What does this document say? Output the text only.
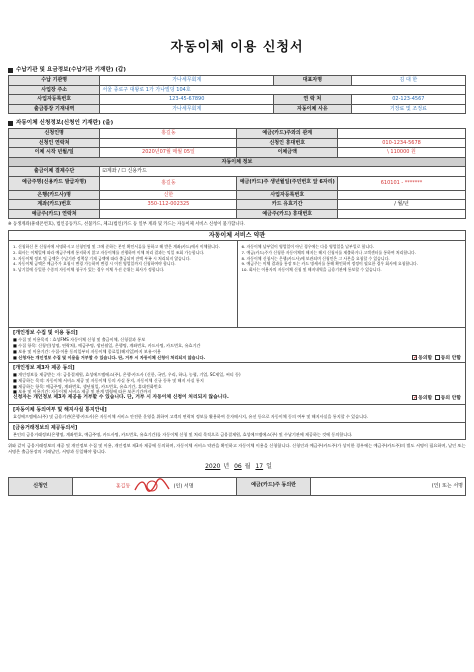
자동이체 이용 신청서
수납기관 및 요금정보(수납기관 기재란) (갑)
수납 기관명	가나세무회계	대표자명	김 대 한
사업장 주소	서울 종로구 대왕로 1가 가나빌딩 104호		
사업자등록번호	123-45-67890	연 락 처	02-123-4567
출금통장 기재내역	가나세무회계	자동이체 사유	기장료 및 조정료
자동이체 신청정보(신청인 기재란) (을)
신청인명	홍길동	예금(카드)주와의 관계	
신청인 연락처		신청인 휴대번호	010-1234-5678
이체 시작 년월/일	2020년07월 매월 05일	이체금액	\ 110000 원
자동이체 정보			
출금이체 결제수단	☑계좌 / ☐ 신용카드		
예금주명(신용카드 발급자명)	홍길동	예금(카드)주 생년월일(주민번호 앞 6자리)	610101 - *******
은행(카드사)명	신한	사업자등록번호	
계좌(카드)번호	350-112-002325	카드 유효기간	/ 월/년
예금주(카드) 연락처		예금주(카드) 휴대번호	
※ 동생계좌(휴대폰번호), 법인공동카드, 선불카드, 체크(법인)카드 등 일부 계좌 및 카드는 자동이체 서비스 신청이 불가합니다.
자동이체 서비스 약관
1. 신청하신 본 신청서에 서명하시고 신청인명 및 그에 준하는 본인 확인서류를 통하고 해 받은 계좌(카드)에서 이체합니다.
2. 회사는 이체일에 따라 예금주에게 통지하지 않고 자동이체를 진행하며 이체 처리 결과는 익일 조회 가능합니다.
3. 자동이체 정보 및 금액은 수납기관 정책상 기재 금액에 따라 출금되며 잔액 부족 시 처리되지 않습니다.
4. 자동이체 금액은 예금주가 요청시 변경 가능하며 변경 시 이전 영업일까지 신청하여야 합니다.
5. 납기일에 동일한 수종의 자동이체 청구가 있는 경우 이체 우선 순위는 회사가 정합니다.
6. 자동이체 납부일이 영업일이 아닌 경우에는 다음 영업일을 납부일로 합니다.
7. 예금(카드)주가 신청한 자동이체의 해지는 해지 신청서를 제출하거나 고객센터를 통하여 처리합니다.
8. 자동이체 신청서는 은행(카드사)에 보관되며 신청인은 그 사본을 요청할 수 있습니다.
9. 예금주는 이체 결과를 통장 또는 카드 명세서를 통해 확인하며 정정이 필요한 경우 회사에 요청합니다.
10. 회사는 이용자의 자동이체 신청 및 해지내역을 금융기관에 통보할 수 있습니다.
[개인정보 수집 및 이용 동의]
■ 수집 및 이용목적 : 효성FMS 자동이체 신청 및 출금이체, 신청결과 통보
■ 수집 항목: 신청인(성명, 연락처), 예금주명, 생년월일, 은행명, 계좌번호, 카드사명, 카드번호, 유효기간
■ 보유 및 이용기간: 수집·이용 동의일부터 자동이체 종료일(해지일)까지 보유·이용
■ 신청자는 개인정보 수집 및 이용을 거부할 수 있습니다. 단, 거부 시 자동이체 신청이 처리되지 않습니다.	✔동의함 동의 안함
[개인정보 제3자 제공 동의]
■ 개인정보를 제공받는 자: 금융결제원, 효성에프엠에스(주), 은행·카드사 (신한, 국민, 우리, 하나, 농협, 기업, SC제일, 씨티 등)
■ 제공하는 목적: 자동이체 서비스 제공 및 자동이체 동의 사실 통지, 자동이체 신규 등록 및 해지 사실 통지
■ 제공하는 항목: 예금주명, 계좌번호, 생년월일, 카드번호, 유효기간, 휴대전화번호
■ 보유 및 이용기간: 자동이체 서비스 제공 및 관계 법령에 따른 보존기간까지
신청자는 개인정보 제3자 제공을 거부할 수 있습니다. 단, 거부 시 자동이체 신청이 처리되지 않습니다.	✔동의함 동의 안함
[자동이체 동의여부 및 해지사실 통지안내]
효성에프엠에스(주) 및 금융기관(은행·카드사)은 자동이체 서비스 안전한 운영을 위하여 고객의 연락처 정보를 활용하여 문자메시지, 유선 등으로 자동이체 동의 여부 및 해지사실을 통지할 수 있습니다.
[금융거래정보의 제공동의서]
본인의 금융거래정보(은행명, 계좌번호, 예금주명, 카드사명, 카드번호, 유효기간)를 자동이체 신청 및 처리 목적으로 금융결제원, 효성에프엠에스(주) 및 수납기관에 제공하는 것에 동의합니다.
위와 같이 금융거래정보의 제공 및 개인정보 수집 및 이용, 개인정보 제3자 제공에 동의하며, 자동이체 서비스 약관을 확인하고 자동이체 이용을 신청합니다. 신청인과 예금주(카드주)가 상이한 경우에는 예금주(카드주)의 별도 서명이 필요하며, 날인 또는 서명은 출금통장의 거래날인, 서명과 동일해야 합니다.
2020 년 06 월 17 일
신청인	홍길동	(인) 서명	예금(카드)주 동의란	(인) 또는 서명
